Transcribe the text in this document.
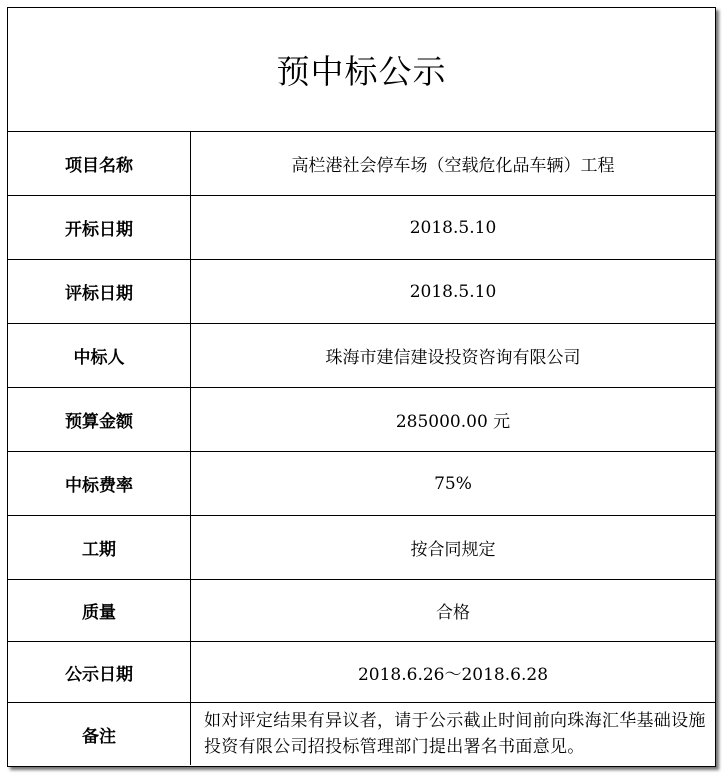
预中标公示
项目名称	高栏港社会停车场（空载危化品车辆）工程
开标日期	2018.5.10
评标日期	2018.5.10
中标人	珠海市建信建设投资咨询有限公司
预算金额	285000.00 元
中标费率	75%
工期	按合同规定
质量	合格
公示日期	2018.6.26～2018.6.28
备注	如对评定结果有异议者，请于公示截止时间前向珠海汇华基础设施投资有限公司招投标管理部门提出署名书面意见。
